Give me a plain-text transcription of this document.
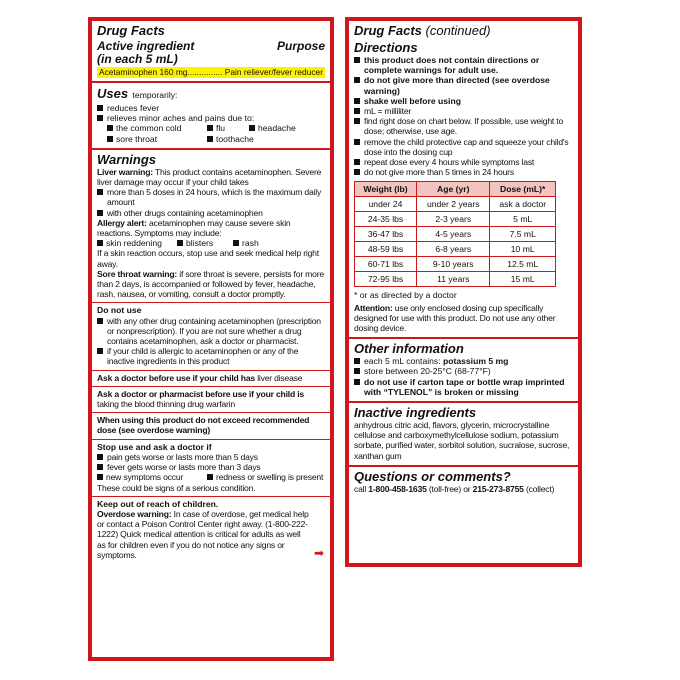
Drug Facts
Active ingredient
(in each 5 mL)
Purpose
Acetaminophen 160 mg............... Pain reliever/fever reducer
Uses temporarily:
reduces fever
relieves minor aches and pains due to:
the common cold	flu	headache
sore throat	toothache
Warnings
Liver warning: This product contains acetaminophen. Severe liver damage may occur if your child takes
more than 5 doses in 24 hours, which is the maximum daily amount
with other drugs containing acetaminophen
Allergy alert: acetaminophen may cause severe skin reactions. Symptoms may include:
skin reddening	blisters	rash
If a skin reaction occurs, stop use and seek medical help right away.
Sore throat warning: if sore throat is severe, persists for more than 2 days, is accompanied or followed by fever, headache, rash, nausea, or vomiting, consult a doctor promptly.
Do not use
with any other drug containing acetaminophen (prescription or nonprescription). If you are not sure whether a drug contains acetaminophen, ask a doctor or pharmacist.
if your child is allergic to acetaminophen or any of the inactive ingredients in this product
Ask a doctor before use if your child has liver disease
Ask a doctor or pharmacist before use if your child is taking the blood thinning drug warfarin
When using this product do not exceed recommended dose (see overdose warning)
Stop use and ask a doctor if
pain gets worse or lasts more than 5 days
fever gets worse or lasts more than 3 days
new symptoms occur	redness or swelling is present
These could be signs of a serious condition.
Keep out of reach of children.
Overdose warning: In case of overdose, get medical help or contact a Poison Control Center right away. (1-800-222-1222) Quick medical attention is critical for adults as well as for children even if you do not notice any signs or symptoms.	➡
Drug Facts (continued)
Directions
this product does not contain directions or complete warnings for adult use.
do not give more than directed (see overdose warning)
shake well before using
mL = milliliter
find right dose on chart below. If possible, use weight to dose; otherwise, use age.
remove the child protective cap and squeeze your child's dose into the dosing cup
repeat dose every 4 hours while symptoms last
do not give more than 5 times in 24 hours
Weight (lb)	Age (yr)	Dose (mL)*
under 24	under 2 years	ask a doctor
24-35 lbs	2-3 years	5 mL
36-47 lbs	4-5 years	7.5 mL
48-59 lbs	6-8 years	10 mL
60-71 lbs	9-10 years	12.5 mL
72-95 lbs	11 years	15 mL
* or as directed by a doctor
Attention: use only enclosed dosing cup specifically designed for use with this product. Do not use any other dosing device.
Other information
each 5 mL contains: potassium 5 mg
store between 20-25°C (68-77°F)
do not use if carton tape or bottle wrap imprinted with “TYLENOL” is broken or missing
Inactive ingredients
anhydrous citric acid, flavors, glycerin, microcrystalline cellulose and carboxymethylcellulose sodium, potassium sorbate, purified water, sorbitol solution, sucralose, sucrose, xanthan gum
Questions or comments?
call 1-800-458-1635 (toll-free) or 215-273-8755 (collect)
